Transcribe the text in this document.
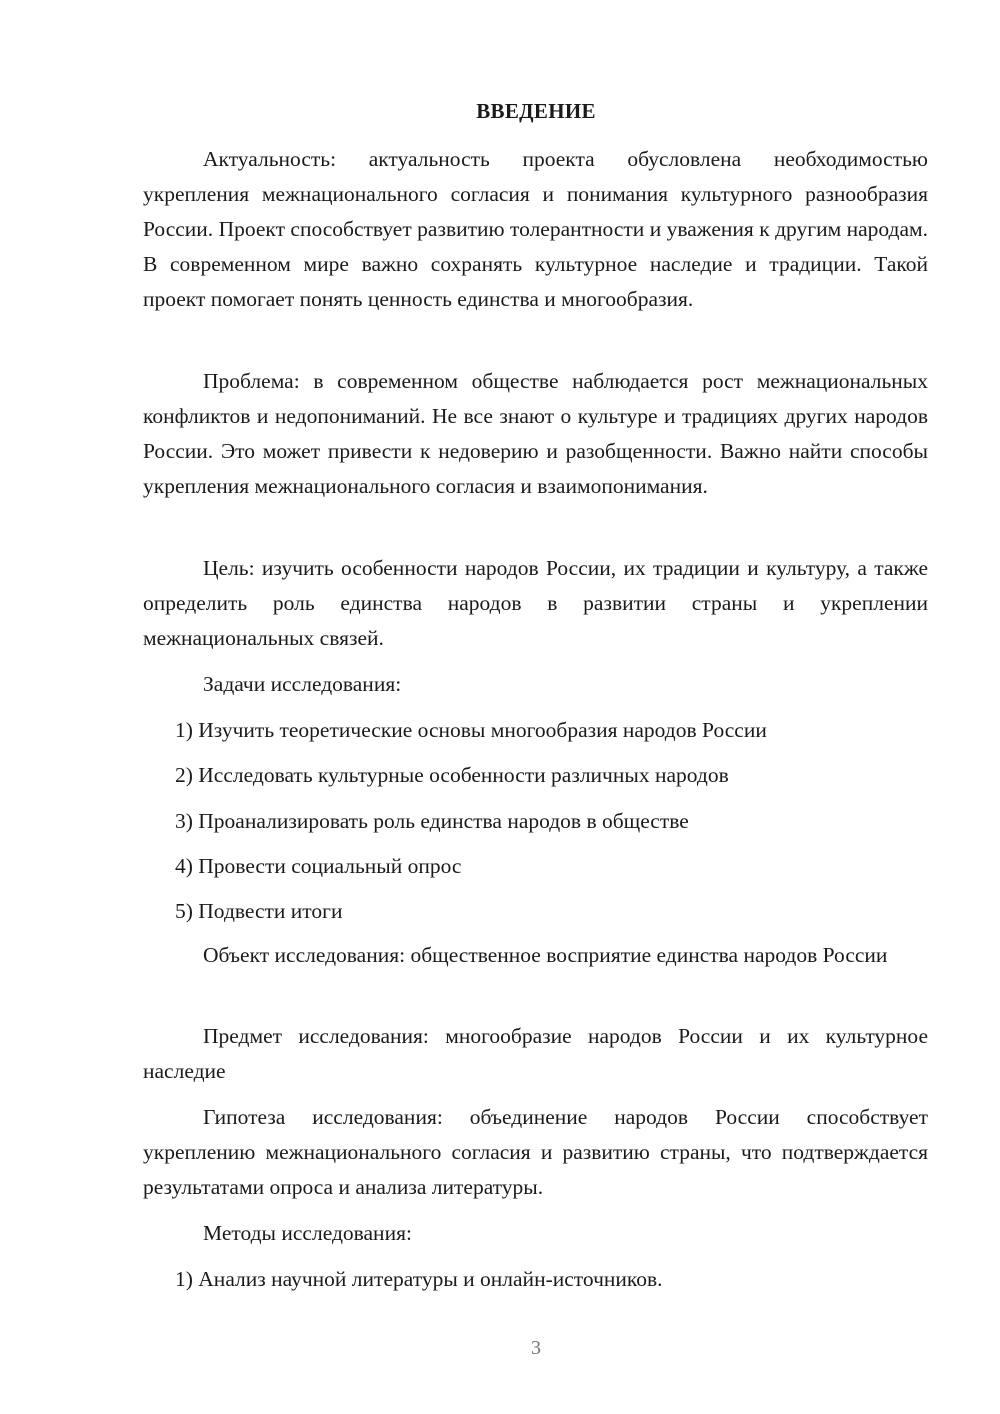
ВВЕДЕНИЕ

Актуальность: актуальность проекта обусловлена необходимостью укрепления межнационального согласия и понимания культурного разнообразия России. Проект способствует развитию толерантности и уважения к другим народам. В современном мире важно сохранять культурное наследие и традиции. Такой проект помогает понять ценность единства и многообразия.

Проблема: в современном обществе наблюдается рост межнациональных конфликтов и недопониманий. Не все знают о культуре и традициях других народов России. Это может привести к недоверию и разобщенности. Важно найти способы укрепления межнационального согласия и взаимопонимания.

Цель: изучить особенности народов России, их традиции и культуру, а также определить роль единства народов в развитии страны и укреплении межнациональных связей.

Задачи исследования:

1) Изучить теоретические основы многообразия народов России

2) Исследовать культурные особенности различных народов

3) Проанализировать роль единства народов в обществе

4) Провести социальный опрос

5) Подвести итоги

Объект исследования: общественное восприятие единства народов России

Предмет исследования: многообразие народов России и их культурное наследие

Гипотеза исследования: объединение народов России способствует укреплению межнационального согласия и развитию страны, что подтверждается результатами опроса и анализа литературы.

Методы исследования:

1) Анализ научной литературы и онлайн-источников.

3
